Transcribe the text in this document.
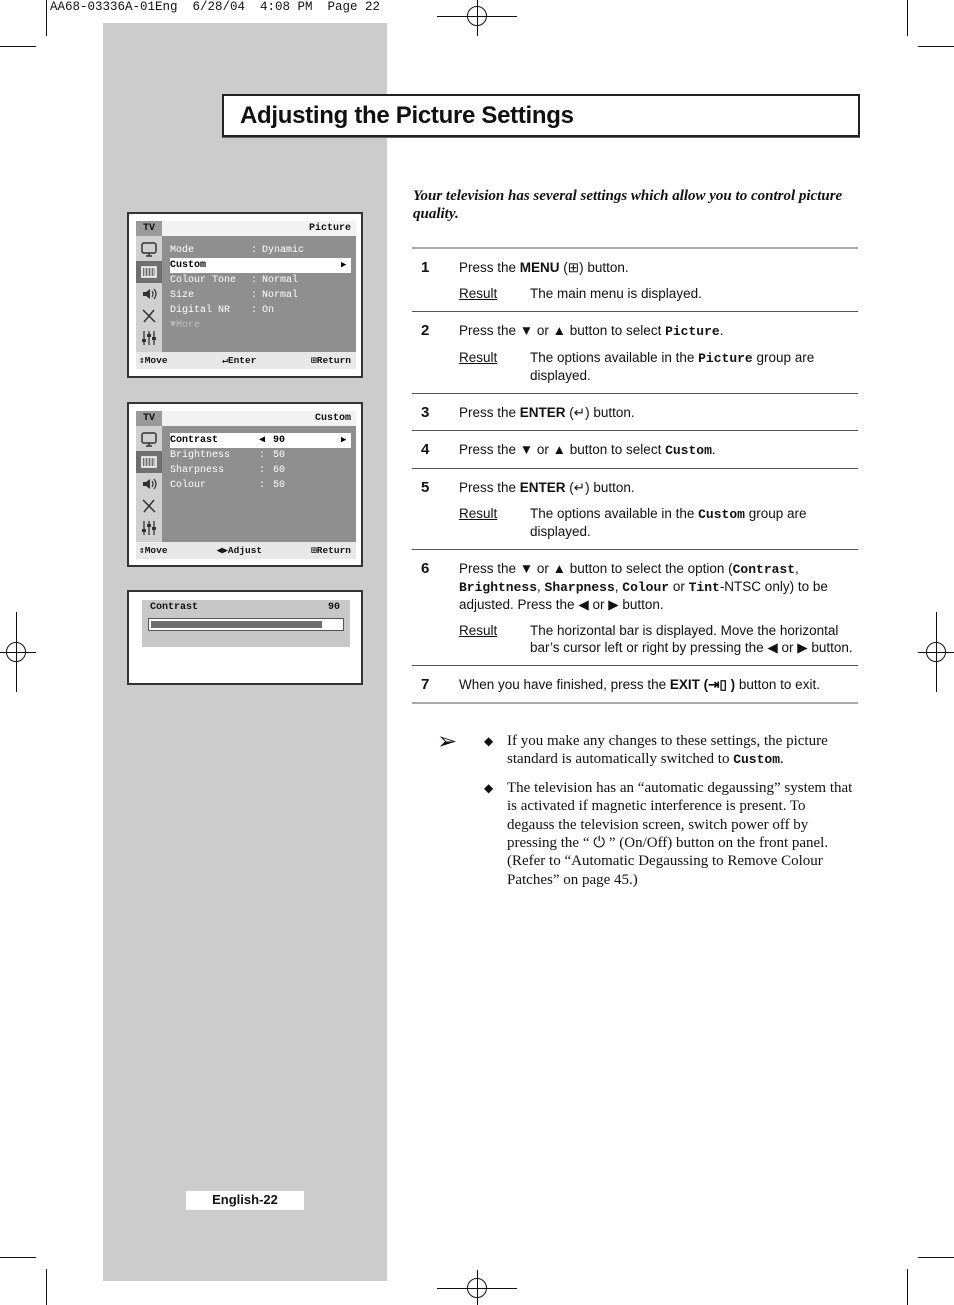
AA68-03336A-01Eng  6/28/04  4:08 PM  Page 22
Adjusting the Picture Settings

Your television has several settings which allow you to control picture quality.

1 Press the MENU (⊞) button.
Result	The main menu is displayed.
2 Press the ▼ or ▲ button to select Picture.
Result	The options available in the Picture group are displayed.
3 Press the ENTER (↵) button.
4 Press the ▼ or ▲ button to select Custom.
5 Press the ENTER (↵) button.
Result	The options available in the Custom group are displayed.
6 Press the ▼ or ▲ button to select the option (Contrast, Brightness, Sharpness, Colour or Tint-NTSC only) to be adjusted. Press the ◀ or ▶ button.
Result	The horizontal bar is displayed. Move the horizontal bar’s cursor left or right by pressing the ◀ or ▶ button.
7 When you have finished, press the EXIT (⇥▯ ) button to exit.
➢ ◆ If you make any changes to these settings, the picture standard is automatically switched to Custom.
◆ The television has an “automatic degaussing” system that is activated if magnetic interference is present. To degauss the television screen, switch power off by pressing the “ ⏻ ” (On/Off) button on the front panel. (Refer to “Automatic Degaussing to Remove Colour Patches” on page 45.)
English-22
TV	Picture
Mode	: Dynamic
Custom	▶
Colour Tone	: Normal
Size	: Normal
Digital NR	: On
▼More
⇕Move	↵Enter	⊞Return
TV	Custom
Contrast	◀ 90	▶
Brightness	: 50
Sharpness	: 60
Colour	: 50
⇕Move	◀▶Adjust	⊞Return
Contrast	90
